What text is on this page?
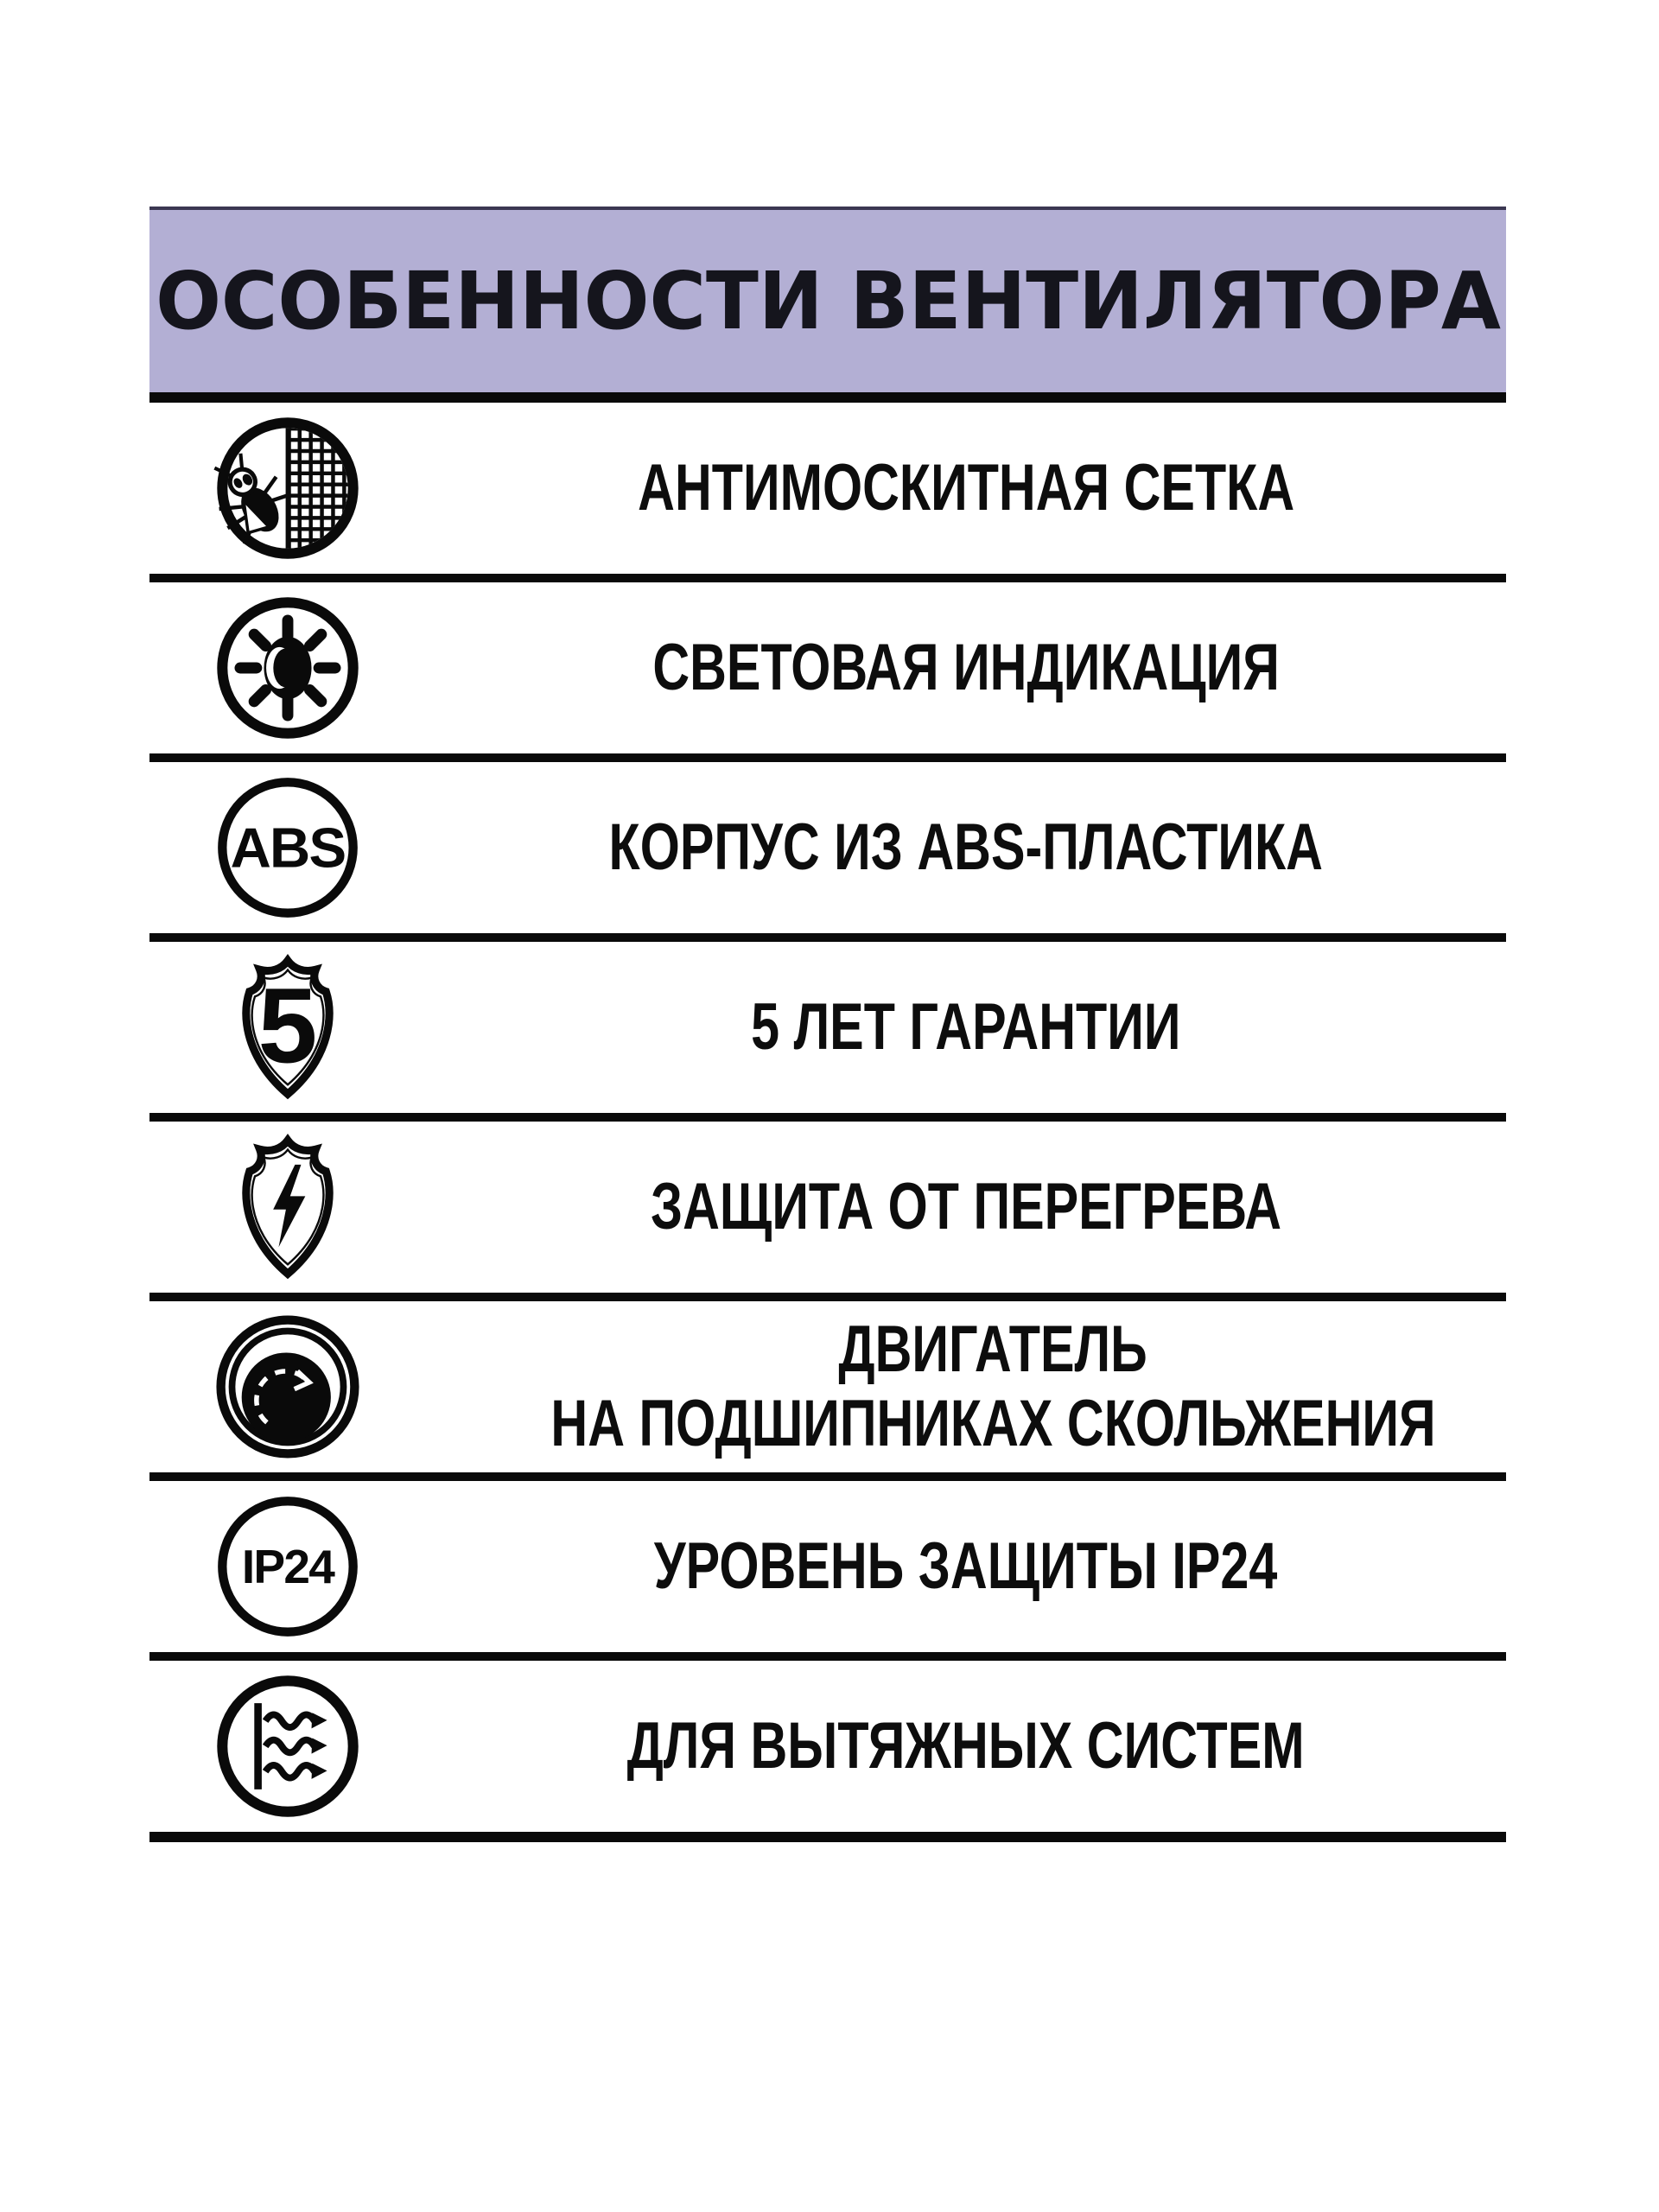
ОСОБЕННОСТИ ВЕНТИЛЯТОРА
АНТИМОСКИТНАЯ СЕТКА
СВЕТОВАЯ ИНДИКАЦИЯ
ABS	КОРПУС ИЗ ABS-ПЛАСТИКА
5	5 ЛЕТ ГАРАНТИИ
ЗАЩИТА ОТ ПЕРЕГРЕВА
ДВИГАТЕЛЬ
НА ПОДШИПНИКАХ СКОЛЬЖЕНИЯ
IP24	УРОВЕНЬ ЗАЩИТЫ IP24
ДЛЯ ВЫТЯЖНЫХ СИСТЕМ
